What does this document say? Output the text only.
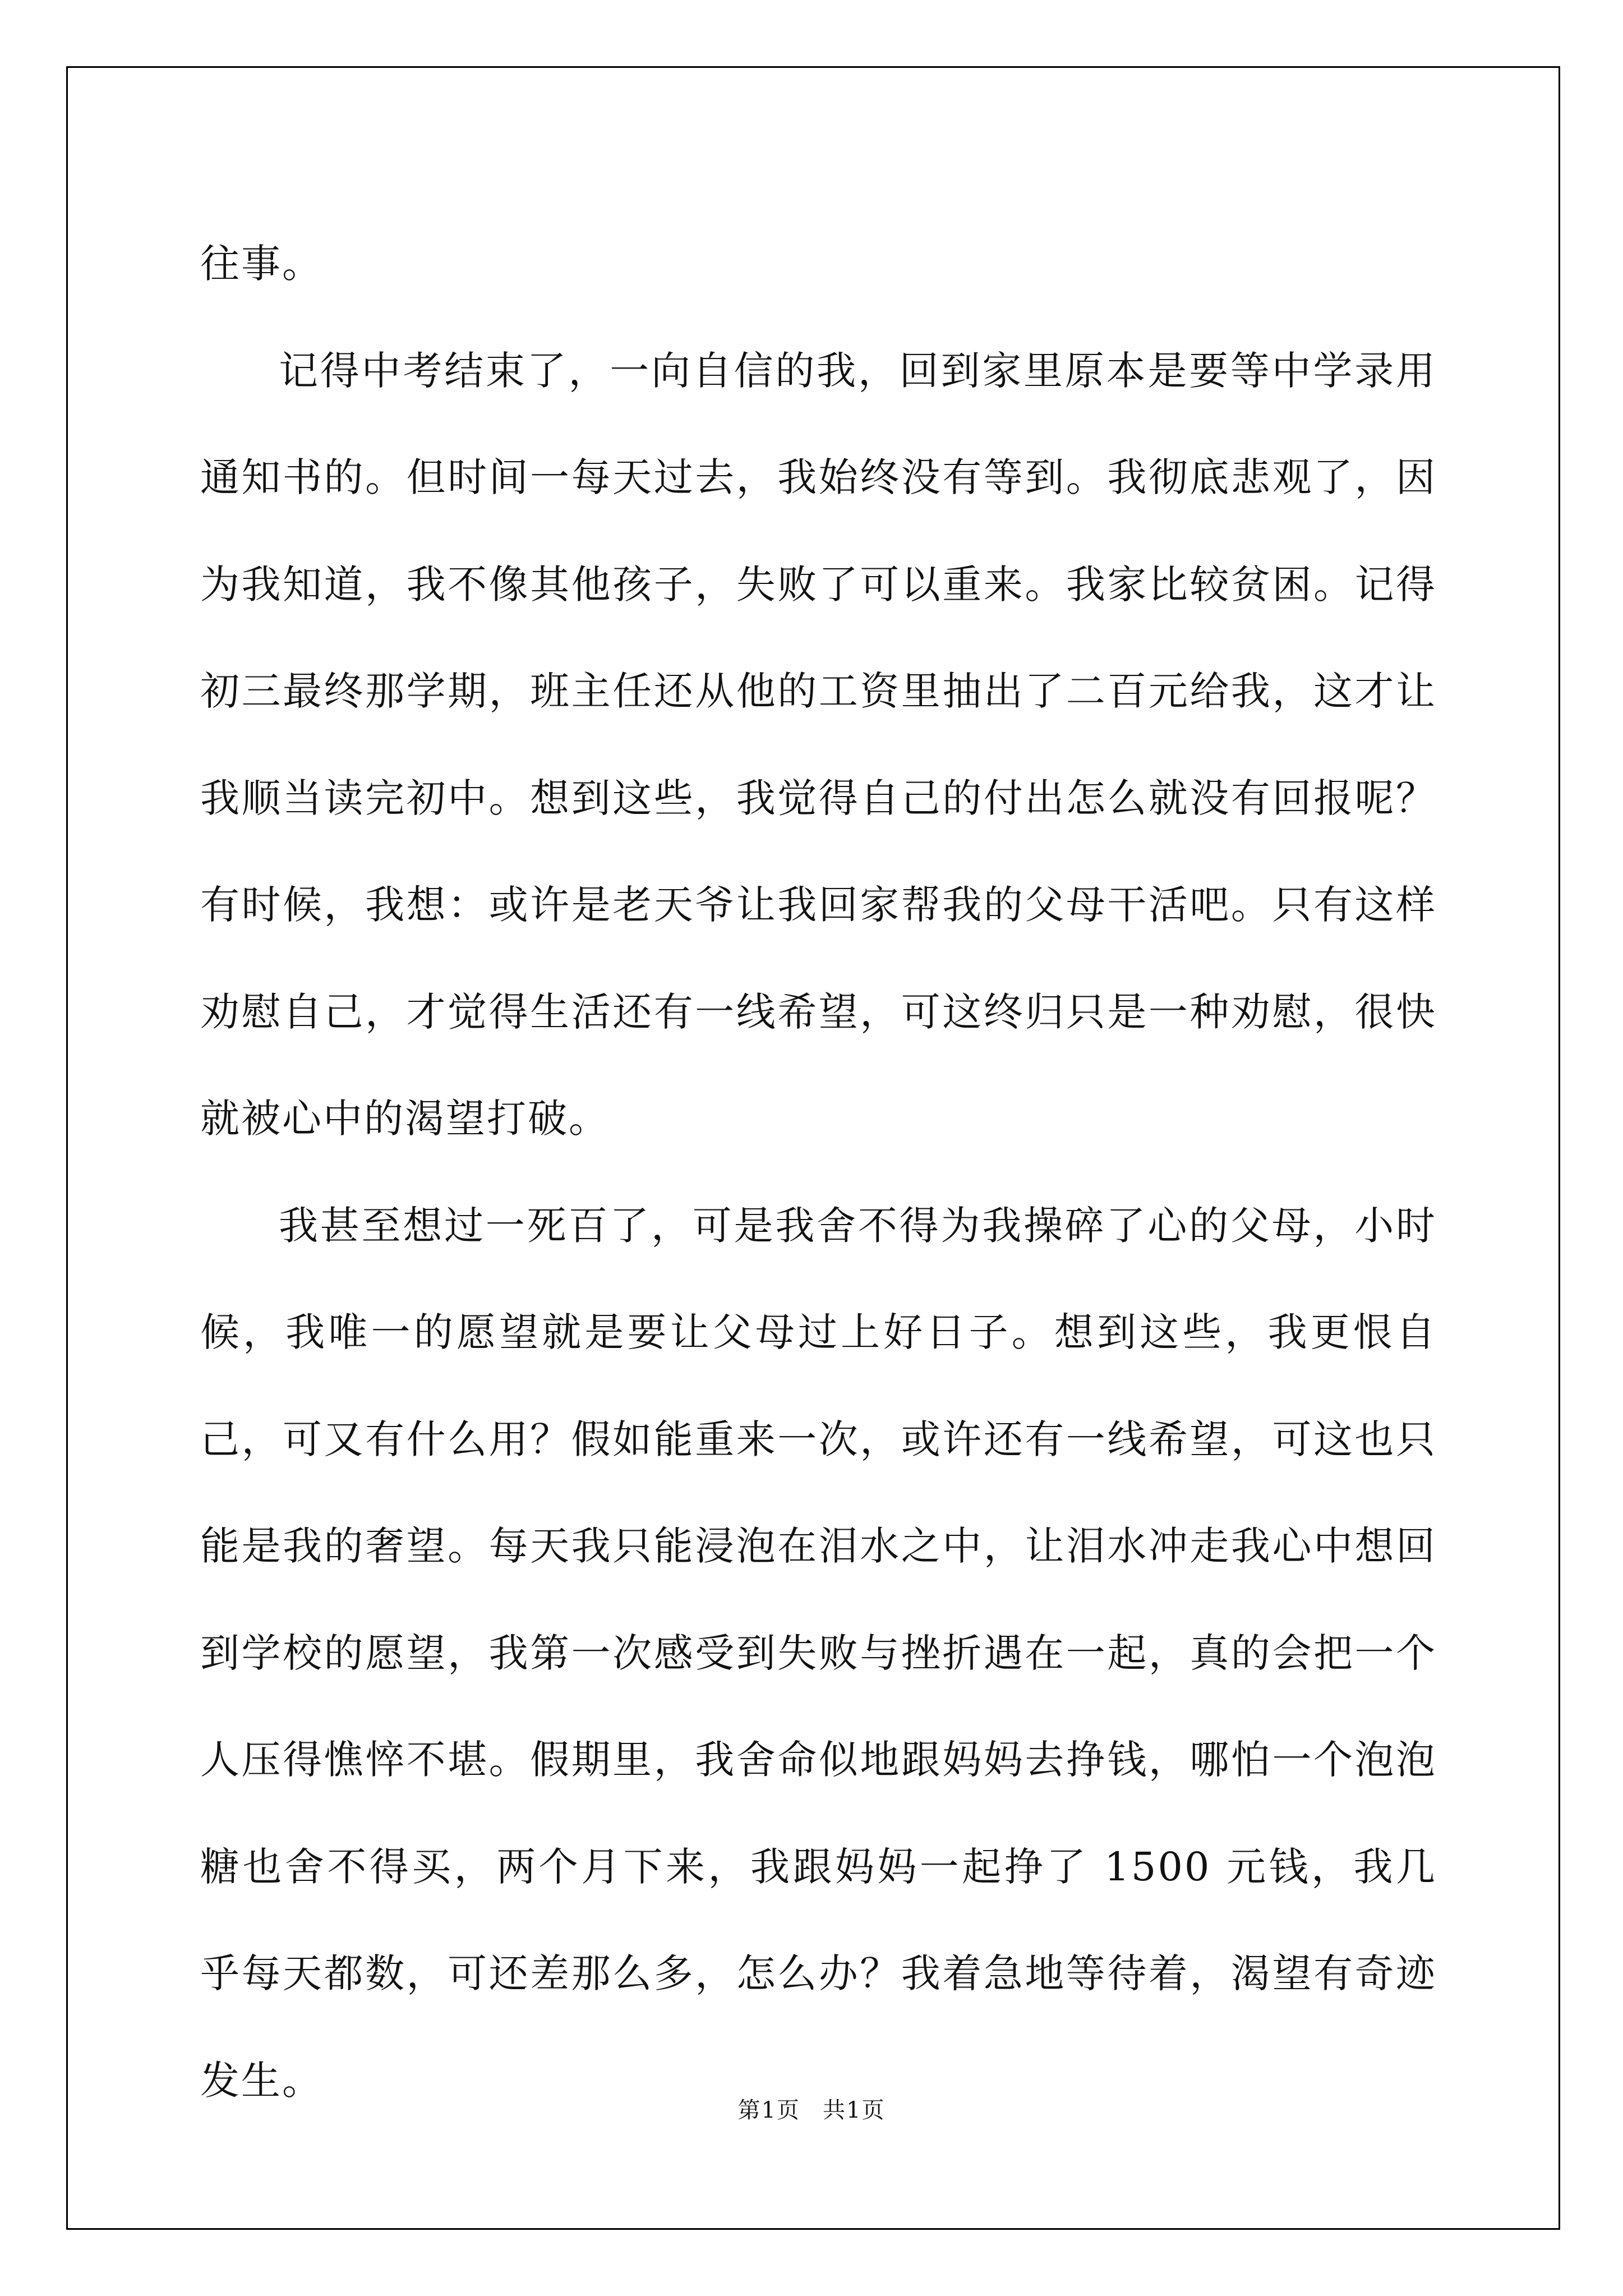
往事。

记得中考结束了，一向自信的我，回到家里原本是要等中学录用通知书的。但时间一每天过去，我始终没有等到。我彻底悲观了，因为我知道，我不像其他孩子，失败了可以重来。我家比较贫困。记得初三最终那学期，班主任还从他的工资里抽出了二百元给我，这才让我顺当读完初中。想到这些，我觉得自己的付出怎么就没有回报呢？有时候，我想：或许是老天爷让我回家帮我的父母干活吧。只有这样劝慰自己，才觉得生活还有一线希望，可这终归只是一种劝慰，很快就被心中的渴望打破。

我甚至想过一死百了，可是我舍不得为我操碎了心的父母，小时候，我唯一的愿望就是要让父母过上好日子。想到这些，我更恨自己，可又有什么用？假如能重来一次，或许还有一线希望，可这也只能是我的奢望。每天我只能浸泡在泪水之中，让泪水冲走我心中想回到学校的愿望，我第一次感受到失败与挫折遇在一起，真的会把一个人压得憔悴不堪。假期里，我舍命似地跟妈妈去挣钱，哪怕一个泡泡糖也舍不得买，两个月下来，我跟妈妈一起挣了 1500 元钱，我几乎每天都数，可还差那么多，怎么办？我着急地等待着，渴望有奇迹发生。

第1页 共1页
